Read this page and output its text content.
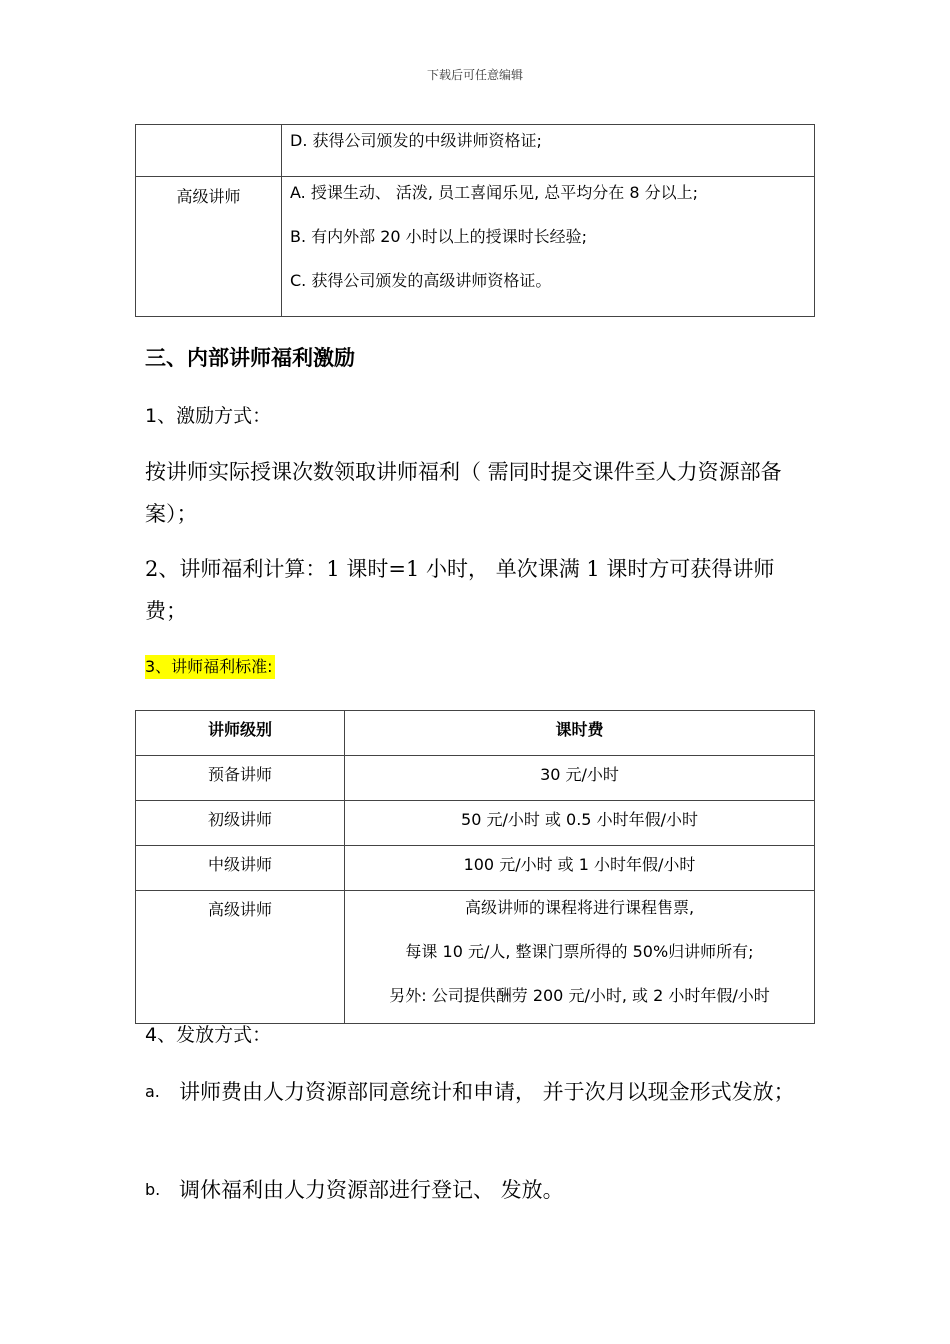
下载后可任意编辑

	D. 获得公司颁发的中级讲师资格证;

高级讲师	A. 授课生动、 活泼, 员工喜闻乐见, 总平均分在 8 分以上;

B. 有内外部 20 小时以上的授课时长经验;

C. 获得公司颁发的高级讲师资格证。

三、内部讲师福利激励
1、激励方式：
按讲师实际授课次数领取讲师福利（ 需同时提交课件至人力资源部备案）；
2、讲师福利计算：1 课时=1 小时， 单次课满 1 课时方可获得讲师费；
3、讲师福利标准:
讲师级别	课时费
预备讲师	30 元/小时
初级讲师	50 元/小时 或 0.5 小时年假/小时
中级讲师	100 元/小时 或 1 小时年假/小时
高级讲师	高级讲师的课程将进行课程售票,

每课 10 元/人, 整课门票所得的 50%归讲师所有;

另外: 公司提供酬劳 200 元/小时, 或 2 小时年假/小时

4、发放方式：
a. 讲师费由人力资源部同意统计和申请， 并于次月以现金形式发放；
b. 调休福利由人力资源部进行登记、 发放。
